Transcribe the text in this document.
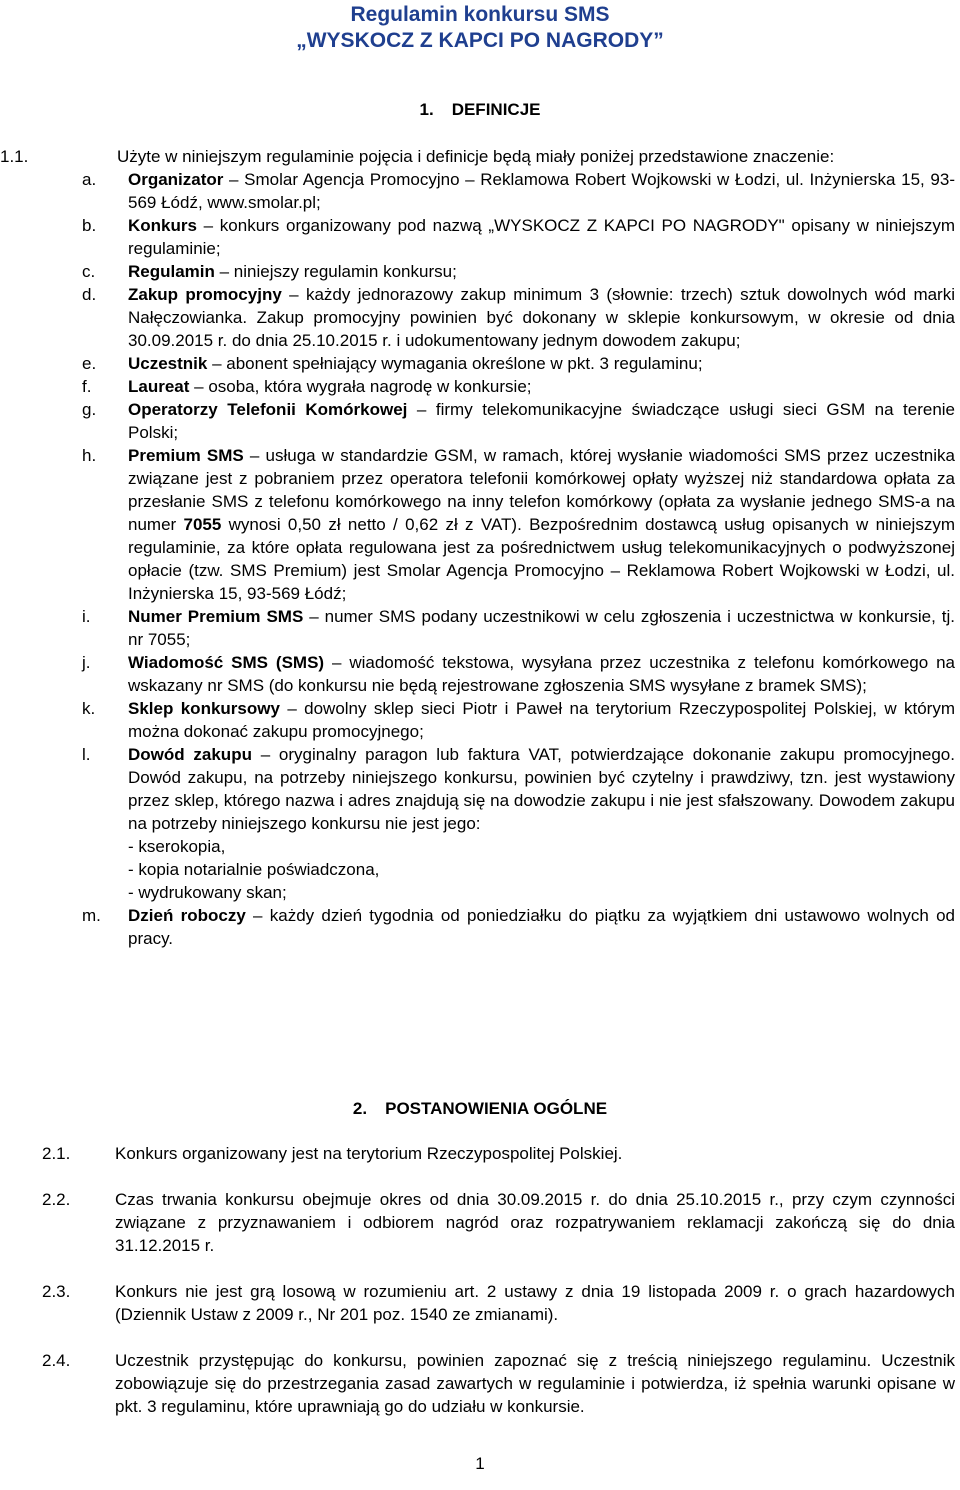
Regulamin konkursu SMS
„WYSKOCZ Z KAPCI PO NAGRODY”
1. DEFINICJE
1.1.	Użyte w niniejszym regulaminie pojęcia i definicje będą miały poniżej przedstawione znaczenie:
a. Organizator – Smolar Agencja Promocyjno – Reklamowa Robert Wojkowski w Łodzi, ul. Inżynierska 15, 93-569 Łódź, www.smolar.pl;
b. Konkurs – konkurs organizowany pod nazwą „WYSKOCZ Z KAPCI PO NAGRODY" opisany w niniejszym regulaminie;
c. Regulamin – niniejszy regulamin konkursu;
d. Zakup promocyjny – każdy jednorazowy zakup minimum 3 (słownie: trzech) sztuk dowolnych wód marki Nałęczowianka. Zakup promocyjny powinien być dokonany w sklepie konkursowym, w okresie od dnia 30.09.2015 r. do dnia 25.10.2015 r. i udokumentowany jednym dowodem zakupu;
e. Uczestnik – abonent spełniający wymagania określone w pkt. 3 regulaminu;
f. Laureat – osoba, która wygrała nagrodę w konkursie;
g. Operatorzy Telefonii Komórkowej – firmy telekomunikacyjne świadczące usługi sieci GSM na terenie Polski;
h. Premium SMS – usługa w standardzie GSM, w ramach, której wysłanie wiadomości SMS przez uczestnika związane jest z pobraniem przez operatora telefonii komórkowej opłaty wyższej niż standardowa opłata za przesłanie SMS z telefonu komórkowego na inny telefon komórkowy (opłata za wysłanie jednego SMS-a na numer 7055 wynosi 0,50 zł netto / 0,62 zł z VAT). Bezpośrednim dostawcą usług opisanych w niniejszym regulaminie, za które opłata regulowana jest za pośrednictwem usług telekomunikacyjnych o podwyższonej opłacie (tzw. SMS Premium) jest Smolar Agencja Promocyjno – Reklamowa Robert Wojkowski w Łodzi, ul. Inżynierska 15, 93-569 Łódź;
i. Numer Premium SMS – numer SMS podany uczestnikowi w celu zgłoszenia i uczestnictwa w konkursie, tj. nr 7055;
j. Wiadomość SMS (SMS) – wiadomość tekstowa, wysyłana przez uczestnika z telefonu komórkowego na wskazany nr SMS (do konkursu nie będą rejestrowane zgłoszenia SMS wysyłane z bramek SMS);
k. Sklep konkursowy – dowolny sklep sieci Piotr i Paweł na terytorium Rzeczypospolitej Polskiej, w którym można dokonać zakupu promocyjnego;
l. Dowód zakupu – oryginalny paragon lub faktura VAT, potwierdzające dokonanie zakupu promocyjnego. Dowód zakupu, na potrzeby niniejszego konkursu, powinien być czytelny i prawdziwy, tzn. jest wystawiony przez sklep, którego nazwa i adres znajdują się na dowodzie zakupu i nie jest sfałszowany. Dowodem zakupu na potrzeby niniejszego konkursu nie jest jego:
- kserokopia,
- kopia notarialnie poświadczona,
- wydrukowany skan;
m. Dzień roboczy – każdy dzień tygodnia od poniedziałku do piątku za wyjątkiem dni ustawowo wolnych od pracy.
2. POSTANOWIENIA OGÓLNE
2.1.	Konkurs organizowany jest na terytorium Rzeczypospolitej Polskiej.
2.2.	Czas trwania konkursu obejmuje okres od dnia 30.09.2015 r. do dnia 25.10.2015 r., przy czym czynności związane z przyznawaniem i odbiorem nagród oraz rozpatrywaniem reklamacji zakończą się do dnia 31.12.2015 r.
2.3.	Konkurs nie jest grą losową w rozumieniu art. 2 ustawy z dnia 19 listopada 2009 r. o grach hazardowych (Dziennik Ustaw z 2009 r., Nr 201 poz. 1540 ze zmianami).
2.4.	Uczestnik przystępując do konkursu, powinien zapoznać się z treścią niniejszego regulaminu. Uczestnik zobowiązuje się do przestrzegania zasad zawartych w regulaminie i potwierdza, iż spełnia warunki opisane w pkt. 3 regulaminu, które uprawniają go do udziału w konkursie.
1
